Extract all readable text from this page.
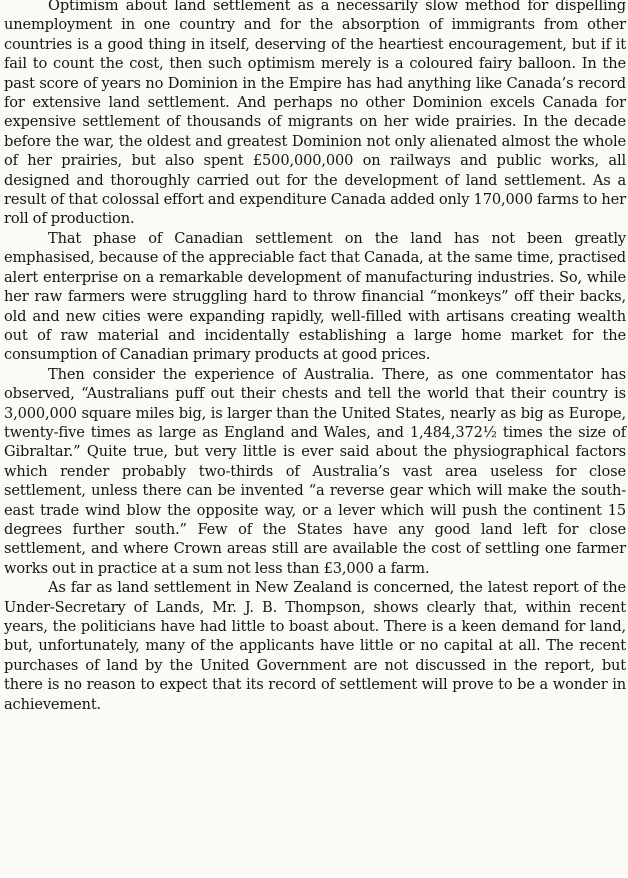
Optimism about land settlement as a necessarily slow method for dispelling unemployment in one country and for the absorption of immigrants from other countries is a good thing in itself, deserving of the heartiest encouragement, but if it fail to count the cost, then such optimism merely is a coloured fairy balloon. In the past score of years no Dominion in the Empire has had anything like Canada’s record for extensive land settlement. And perhaps no other Dominion excels Canada for expensive settlement of thousands of migrants on her wide prairies. In the decade before the war, the oldest and greatest Dominion not only alienated almost the whole of her prairies, but also spent £500,000,000 on railways and public works, all designed and thoroughly carried out for the development of land settlement. As a result of that colossal effort and expenditure Canada added only 170,000 farms to her roll of production.

That phase of Canadian settlement on the land has not been greatly emphasised, because of the appreciable fact that Canada, at the same time, practised alert enterprise on a remarkable development of manufacturing industries. So, while her raw farmers were struggling hard to throw financial “monkeys” off their backs, old and new cities were expanding rapidly, well-filled with artisans creating wealth out of raw material and incidentally establishing a large home market for the consumption of Canadian primary products at good prices.

Then consider the experience of Australia. There, as one commentator has observed, “Australians puff out their chests and tell the world that their country is 3,000,000 square miles big, is larger than the United States, nearly as big as Europe, twenty-five times as large as England and Wales, and 1,484,372½ times the size of Gibraltar.” Quite true, but very little is ever said about the physiographical factors which render probably two-thirds of Australia’s vast area useless for close settlement, unless there can be invented “a reverse gear which will make the south-east trade wind blow the opposite way, or a lever which will push the continent 15 degrees further south.” Few of the States have any good land left for close settlement, and where Crown areas still are available the cost of settling one farmer works out in practice at a sum not less than £3,000 a farm.

As far as land settlement in New Zealand is concerned, the latest report of the Under-Secretary of Lands, Mr. J. B. Thompson, shows clearly that, within recent years, the politicians have had little to boast about. There is a keen demand for land, but, unfortunately, many of the applicants have little or no capital at all. The recent purchases of land by the United Government are not discussed in the report, but there is no reason to expect that its record of settlement will prove to be a wonder in achievement.
